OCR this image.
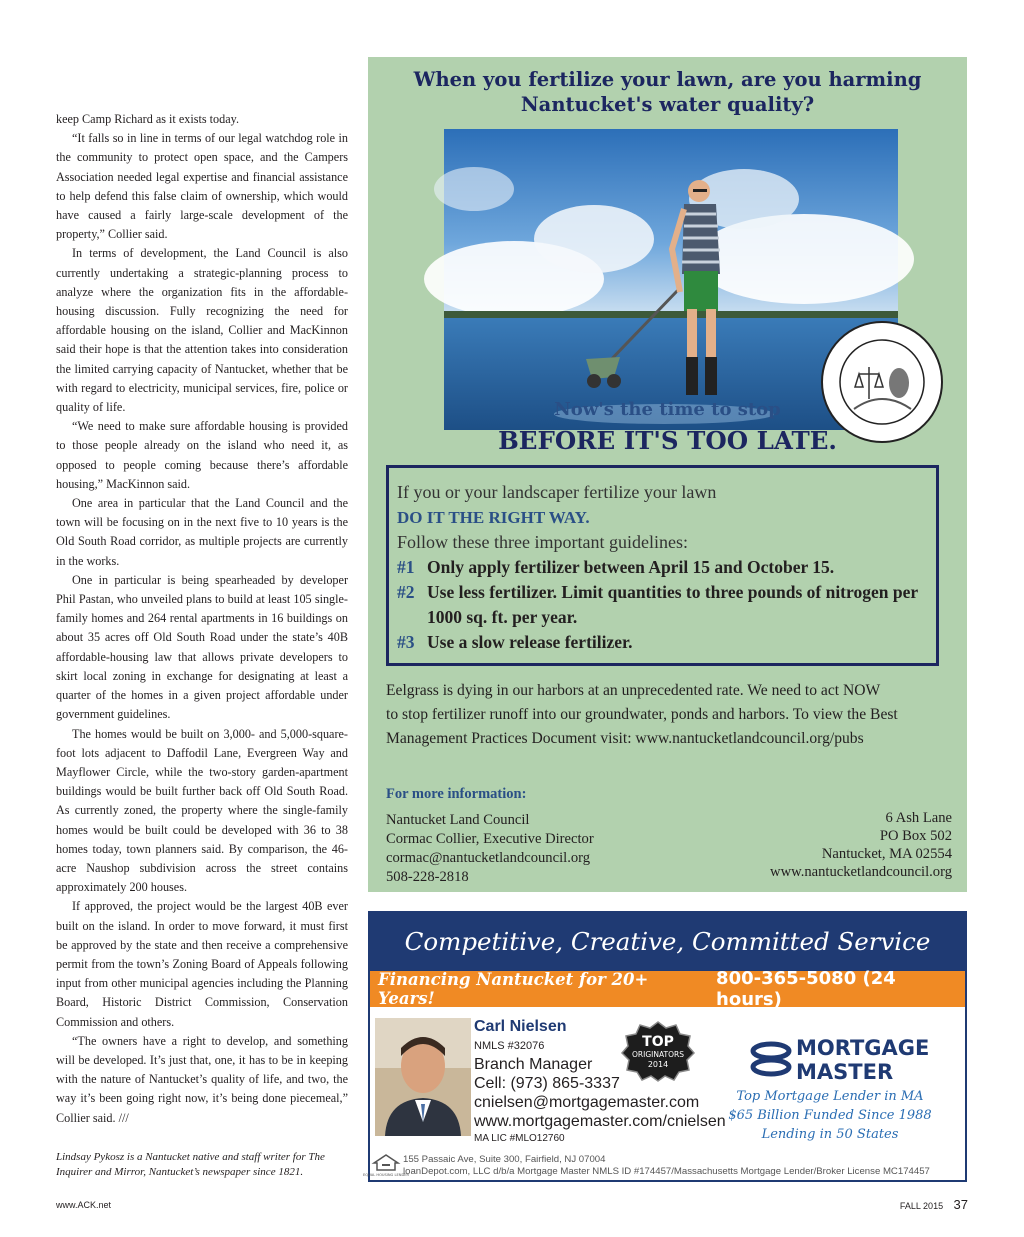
keep Camp Richard as it exists today.

“It falls so in line in terms of our legal watchdog role in the community to protect open space, and the Campers Association needed legal expertise and financial assistance to help defend this false claim of ownership, which would have caused a fairly large-scale development of the property,” Collier said.

In terms of development, the Land Council is also currently undertaking a strategic-planning process to analyze where the organization fits in the affordable-housing discussion. Fully recognizing the need for affordable housing on the island, Collier and MacKinnon said their hope is that the attention takes into consideration the limited carrying capacity of Nantucket, whether that be with regard to electricity, municipal services, fire, police or quality of life.

“We need to make sure affordable housing is provided to those people already on the island who need it, as opposed to people coming because there’s affordable housing,” MacKinnon said.

One area in particular that the Land Council and the town will be focusing on in the next five to 10 years is the Old South Road corridor, as multiple projects are currently in the works.

One in particular is being spearheaded by developer Phil Pastan, who unveiled plans to build at least 105 single-family homes and 264 rental apartments in 16 buildings on about 35 acres off Old South Road under the state’s 40B affordable-housing law that allows private developers to skirt local zoning in exchange for designating at least a quarter of the homes in a given project affordable under government guidelines.

The homes would be built on 3,000- and 5,000-square-foot lots adjacent to Daffodil Lane, Evergreen Way and Mayflower Circle, while the two-story garden-apartment buildings would be built further back off Old South Road. As currently zoned, the property where the single-family homes would be built could be developed with 36 to 38 homes today, town planners said. By comparison, the 46-acre Naushop subdivision across the street contains approximately 200 houses.

If approved, the project would be the largest 40B ever built on the island. In order to move forward, it must first be approved by the state and then receive a comprehensive permit from the town’s Zoning Board of Appeals following input from other municipal agencies including the Planning Board, Historic District Commission, Conservation Commission and others.

“The owners have a right to develop, and something will be developed. It’s just that, one, it has to be in keeping with the nature of Nantucket’s quality of life, and two, the way it’s been going right now, it’s being done piecemeal,” Collier said. ///

Lindsay Pykosz is a Nantucket native and staff writer for The Inquirer and Mirror, Nantucket’s newspaper since 1821.
www.ACK.net	FALL 2015 37
When you fertilize your lawn, are you harming
Nantucket's water quality?
Now's the time to stop
BEFORE IT'S TOO LATE.
If you or your landscaper fertilize your lawn
DO IT THE RIGHT WAY.
Follow these three important guidelines:
#1 Only apply fertilizer between April 15 and October 15.
#2 Use less fertilizer. Limit quantities to three pounds of nitrogen per 1000 sq. ft. per year.
#3 Use a slow release fertilizer.
Eelgrass is dying in our harbors at an unprecedented rate. We need to act NOW
to stop fertilizer runoff into our groundwater, ponds and harbors. To view the Best
Management Practices Document visit: www.nantucketlandcouncil.org/pubs
For more information:
Nantucket Land Council
Cormac Collier, Executive Director
cormac@nantucketlandcouncil.org
508-228-2818
6 Ash Lane
PO Box 502
Nantucket, MA 02554
www.nantucketlandcouncil.org
Competitive, Creative, Committed Service
Financing Nantucket for 20+ Years!
800-365-5080 (24 hours)
Carl Nielsen
NMLS #32076
Branch Manager
Cell: (973) 865-3337
cnielsen@mortgagemaster.com
www.mortgagemaster.com/cnielsen
MA LIC #MLO12760
TOP
ORIGINATORS
2014
MORTGAGE
MASTER
Top Mortgage Lender in MA
$65 Billion Funded Since 1988
Lending in 50 States
EQUAL HOUSING LENDER
155 Passaic Ave, Suite 300, Fairfield, NJ 07004
loanDepot.com, LLC d/b/a Mortgage Master NMLS ID #174457/Massachusetts Mortgage Lender/Broker License MC174457
